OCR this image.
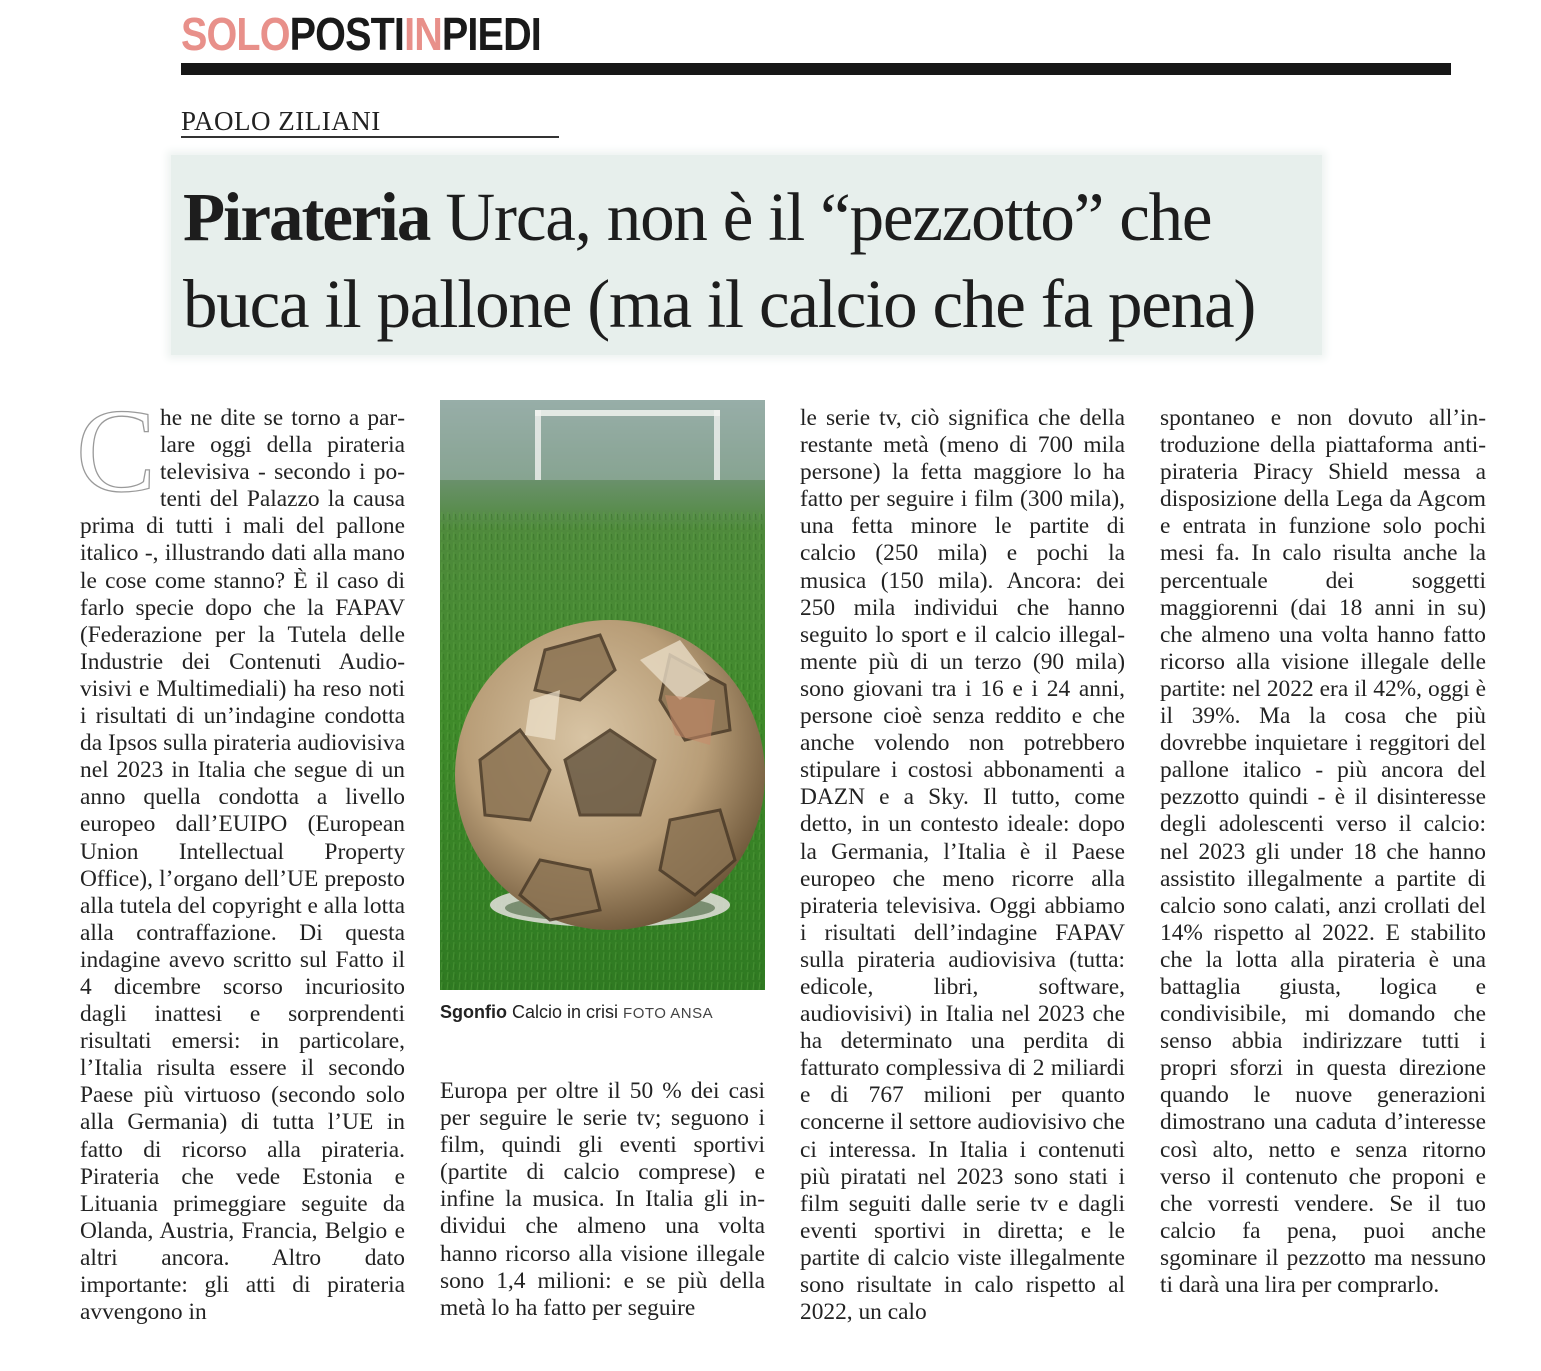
SOLOPOSTIINPIEDI
PAOLO ZILIANI
Pirateria Urca, non è il “pezzotto” che buca il pallone (ma il calcio che fa pena)
C he ne dite se torno a parlare oggi della pirateria televisiva - secondo i potenti del Palazzo la causa prima di tutti i mali del pallone italico -, illustrando dati alla mano le cose come stanno? È il caso di farlo specie dopo che la FAPAV (Federazione per la Tutela delle Industrie dei Contenuti Audiovisivi e Multimediali) ha reso noti i risultati di un’indagine condotta da Ipsos sulla pirateria audiovisiva nel 2023 in Italia che segue di un anno quella condotta a livello europeo dall’EUIPO (European Union Intellectual Property Office), l’organo dell’UE preposto alla tutela del copyright e alla lotta alla contraffazione. Di questa indagine avevo scritto sul Fatto il 4 dicembre scorso incuriosito dagli inattesi e sorprendenti risultati emersi: in particolare, l’Italia risulta essere il secondo Paese più virtuoso (secondo solo alla Germania) di tutta l’UE in fatto di ricorso alla pirateria. Pirateria che vede Estonia e Lituania primeggiare seguite da Olanda, Austria, Francia, Belgio e altri ancora. Altro dato importante: gli atti di pirateria avvengono in

Sgonfio Calcio in crisi FOTO ANSA

Europa per oltre il 50 % dei casi per seguire le serie tv; seguono i film, quindi gli eventi sportivi (partite di calcio comprese) e infine la musica. In Italia gli individui che almeno una volta hanno ricorso alla visione illegale sono 1,4 milioni: e se più della metà lo ha fatto per seguire

le serie tv, ciò significa che della restante metà (meno di 700 mila persone) la fetta maggiore lo ha fatto per seguire i film (300 mila), una fetta minore le partite di calcio (250 mila) e pochi la musica (150 mila). Ancora: dei 250 mila individui che hanno seguito lo sport e il calcio illegalmente più di un terzo (90 mila) sono giovani tra i 16 e i 24 anni, persone cioè senza reddito e che anche volendo non potrebbero stipulare i costosi abbonamenti a DAZN e a Sky. Il tutto, come detto, in un contesto ideale: dopo la Germania, l’Italia è il Paese europeo che meno ricorre alla pirateria televisiva. Oggi abbiamo i risultati dell’indagine FAPAV sulla pirateria audiovisiva (tutta: edicole, libri, software, audiovisivi) in Italia nel 2023 che ha determinato una perdita di fatturato complessiva di 2 miliardi e di 767 milioni per quanto concerne il settore audiovisivo che ci interessa. In Italia i contenuti più piratati nel 2023 sono stati i film seguiti dalle serie tv e dagli eventi sportivi in diretta; e le partite di calcio viste illegalmente sono risultate in calo rispetto al 2022, un calo

spontaneo e non dovuto all’introduzione della piattaforma anti-pirateria Piracy Shield messa a disposizione della Lega da Agcom e entrata in funzione solo pochi mesi fa. In calo risulta anche la percentuale dei soggetti maggiorenni (dai 18 anni in su) che almeno una volta hanno fatto ricorso alla visione illegale delle partite: nel 2022 era il 42%, oggi è il 39%. Ma la cosa che più dovrebbe inquietare i reggitori del pallone italico - più ancora del pezzotto quindi - è il disinteresse degli adolescenti verso il calcio: nel 2023 gli under 18 che hanno assistito illegalmente a partite di calcio sono calati, anzi crollati del 14% rispetto al 2022. E stabilito che la lotta alla pirateria è una battaglia giusta, logica e condivisibile, mi domando che senso abbia indirizzare tutti i propri sforzi in questa direzione quando le nuove generazioni dimostrano una caduta d’interesse così alto, netto e senza ritorno verso il contenuto che proponi e che vorresti vendere. Se il tuo calcio fa pena, puoi anche sgominare il pezzotto ma nessuno ti darà una lira per comprarlo.
